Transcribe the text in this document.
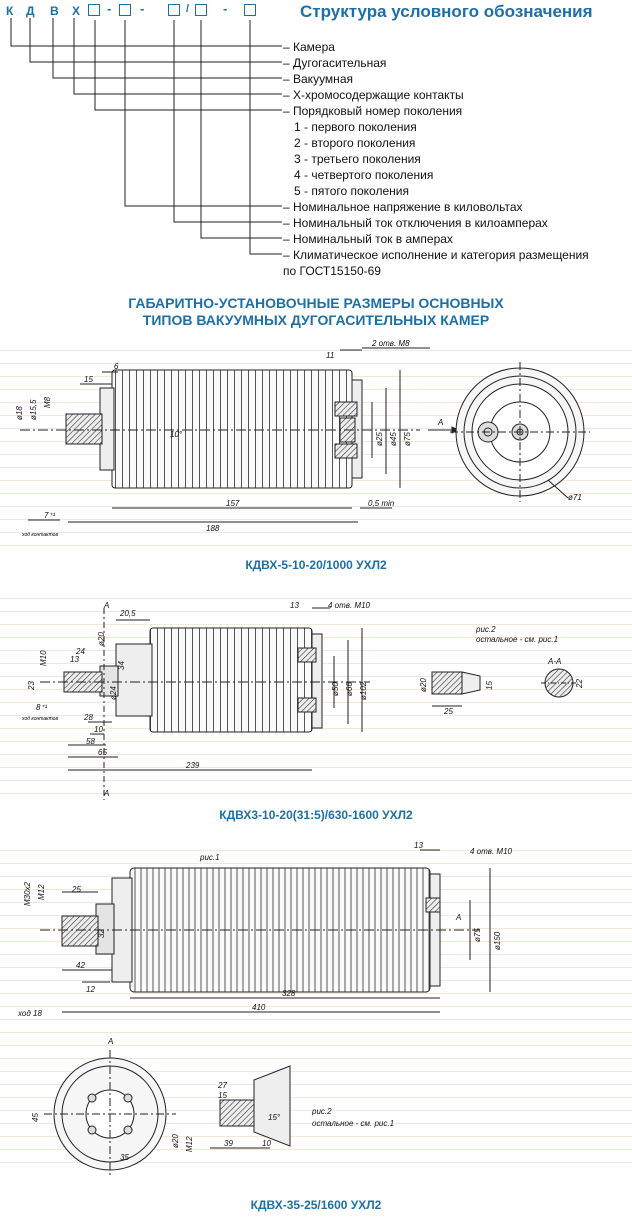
К Д В Х - -	/	-	Структура условного обозначения
– Камера
– Дугогасительная
– Вакуумная
– Х-хромосодержащие контакты
– Порядковый номер поколения
1 - первого поколения
2 - второго поколения
3 - третьего поколения
4 - четвертого поколения
5 - пятого поколения
– Номинальное напряжение в киловольтах
– Номинальный ток отключения в килоамперах
– Номинальный ток в амперах
– Климатическое исполнение и категория размещения
по ГОСТ15150-69
ГАБАРИТНО-УСТАНОВОЧНЫЕ РАЗМЕРЫ ОСНОВНЫХ
ТИПОВ ВАКУУМНЫХ ДУГОГАСИТЕЛЬНЫХ КАМЕР
11
2 отв. М8
6
15
ø18 ø15,5 М8
10°	ø25 ø45 ø75
157	0,5 min
188
7⁺¹
ход контактов
A
ø71
КДВХ-5-10-20/1000 УХЛ2
A
20,5
13	4 отв. М10
ø20
М10	24
13
34
23
ø24
8⁺¹
ход контактов	28
10
58
65
239
ø50 ø66 ø102
рис.2
остальное - см. рис.1
ø20	15
25
А-А
22
A
КДВХ3-10-20(31:5)/630-1600 УХЛ2
рис.1
13
4 отв. М10
М30х2 М12	25
32
A
ø75 ø150
42
12	328
ход 18
410
A
45
35
27
15
15°
ø20 М12	39	10
рис.2
остальное - см. рис.1
КДВХ-35-25/1600 УХЛ2
